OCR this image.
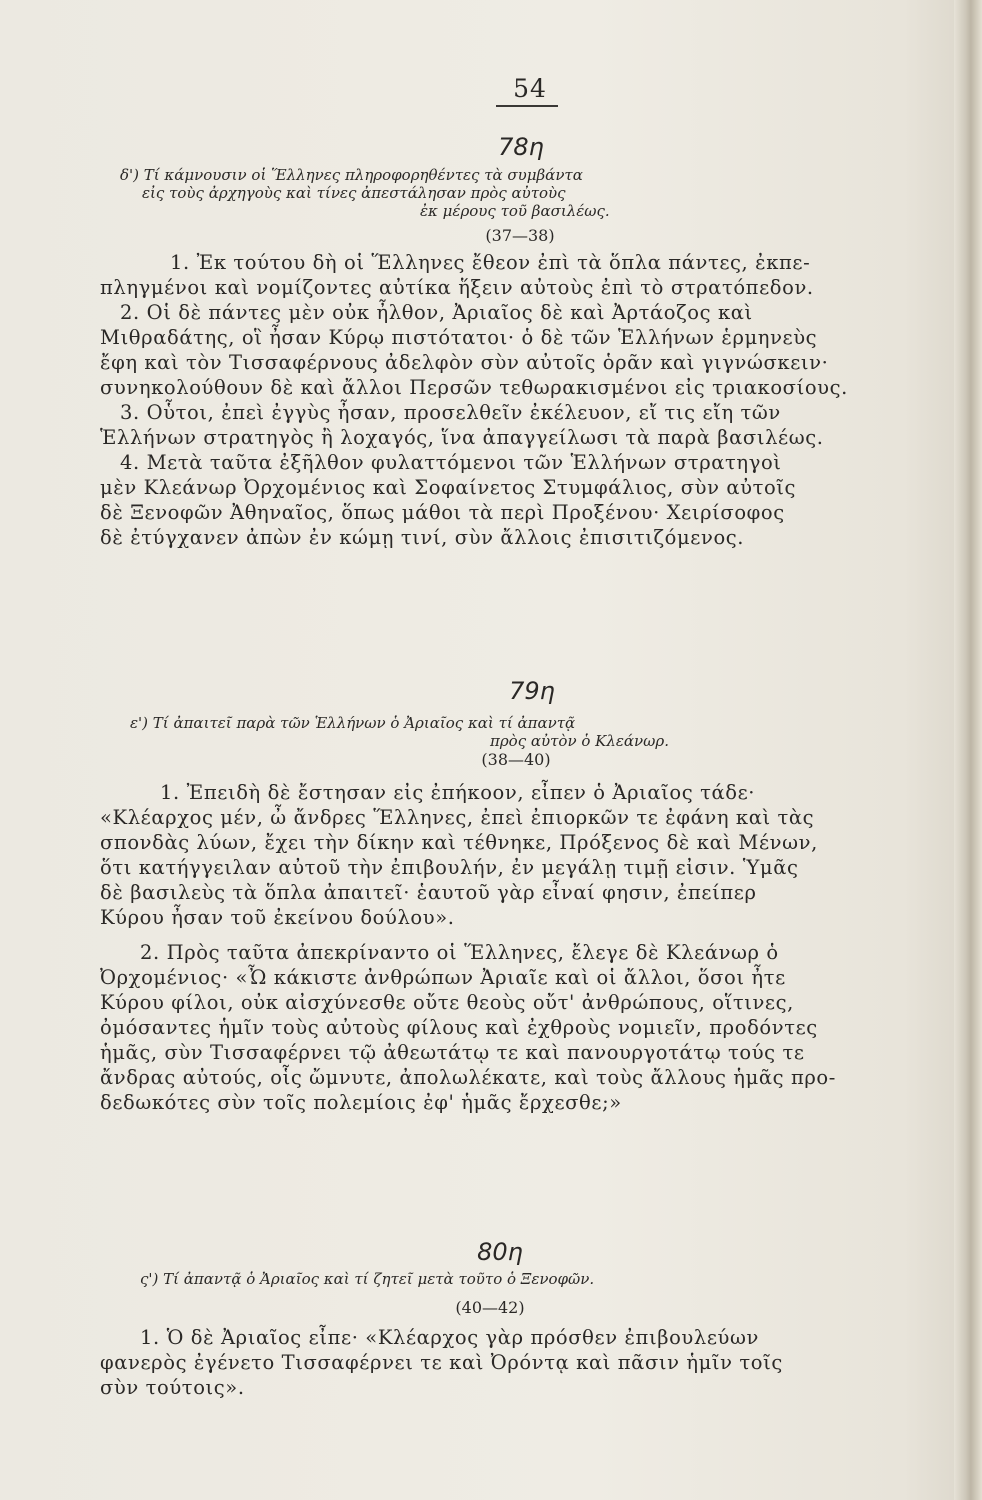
54
78η
δ') Τί κάμνουσιν οἱ Ἕλληνες πληροφορηθέντες τὰ συμβάντα
εἰς τοὺς ἀρχηγοὺς καὶ τίνες ἀπεστάλησαν πρὸς αὐτοὺς
ἐκ μέρους τοῦ βασιλέως.
(37—38)
1. Ἐκ τούτου δὴ οἱ Ἕλληνες ἔθεον ἐπὶ τὰ ὅπλα πάντες, ἐκπε-
πληγμένοι καὶ νομίζοντες αὐτίκα ἥξειν αὐτοὺς ἐπὶ τὸ στρατόπεδον.
2. Οἱ δὲ πάντες μὲν οὐκ ἦλθον, Ἀριαῖος δὲ καὶ Ἀρτάοζος καὶ
Μιθραδάτης, οἳ ἦσαν Κύρῳ πιστότατοι· ὁ δὲ τῶν Ἑλλήνων ἑρμηνεὺς
ἔφη καὶ τὸν Τισσαφέρνους ἀδελφὸν σὺν αὐτοῖς ὁρᾶν καὶ γιγνώσκειν·
συνηκολούθουν δὲ καὶ ἄλλοι Περσῶν τεθωρακισμένοι εἰς τριακοσίους.
3. Οὗτοι, ἐπεὶ ἐγγὺς ἦσαν, προσελθεῖν ἐκέλευον, εἴ τις εἴη τῶν
Ἑλλήνων στρατηγὸς ἢ λοχαγός, ἵνα ἀπαγγείλωσι τὰ παρὰ βασιλέως.
4. Μετὰ ταῦτα ἐξῆλθον φυλαττόμενοι τῶν Ἑλλήνων στρατηγοὶ
μὲν Κλεάνωρ Ὀρχομένιος καὶ Σοφαίνετος Στυμφάλιος, σὺν αὐτοῖς
δὲ Ξενοφῶν Ἀθηναῖος, ὅπως μάθοι τὰ περὶ Προξένου· Χειρίσοφος
δὲ ἐτύγχανεν ἀπὼν ἐν κώμῃ τινί, σὺν ἄλλοις ἐπισιτιζόμενος.
79η
ε') Τί ἀπαιτεῖ παρὰ τῶν Ἑλλήνων ὁ Ἀριαῖος καὶ τί ἀπαντᾷ
πρὸς αὐτὸν ὁ Κλεάνωρ.
(38—40)
1. Ἐπειδὴ δὲ ἔστησαν εἰς ἐπήκοον, εἶπεν ὁ Ἀριαῖος τάδε·
«Κλέαρχος μέν, ὦ ἄνδρες Ἕλληνες, ἐπεὶ ἐπιορκῶν τε ἐφάνη καὶ τὰς
σπονδὰς λύων, ἔχει τὴν δίκην καὶ τέθνηκε, Πρόξενος δὲ καὶ Μένων,
ὅτι κατήγγειλαν αὐτοῦ τὴν ἐπιβουλήν, ἐν μεγάλῃ τιμῇ εἰσιν. Ὑμᾶς
δὲ βασιλεὺς τὰ ὅπλα ἀπαιτεῖ· ἑαυτοῦ γὰρ εἶναί φησιν, ἐπείπερ
Κύρου ἦσαν τοῦ ἐκείνου δούλου».
2. Πρὸς ταῦτα ἀπεκρίναντο οἱ Ἕλληνες, ἔλεγε δὲ Κλεάνωρ ὁ
Ὀρχομένιος· «Ὦ κάκιστε ἀνθρώπων Ἀριαῖε καὶ οἱ ἄλλοι, ὅσοι ἦτε
Κύρου φίλοι, οὐκ αἰσχύνεσθε οὔτε θεοὺς οὔτ' ἀνθρώπους, οἵτινες,
ὀμόσαντες ἡμῖν τοὺς αὐτοὺς φίλους καὶ ἐχθροὺς νομιεῖν, προδόντες
ἡμᾶς, σὺν Τισσαφέρνει τῷ ἀθεωτάτῳ τε καὶ πανουργοτάτῳ τούς τε
ἄνδρας αὐτούς, οἷς ὤμνυτε, ἀπολωλέκατε, καὶ τοὺς ἄλλους ἡμᾶς προ-
δεδωκότες σὺν τοῖς πολεμίοις ἐφ' ἡμᾶς ἔρχεσθε;»
80η
ς') Τί ἀπαντᾷ ὁ Ἀριαῖος καὶ τί ζητεῖ μετὰ τοῦτο ὁ Ξενοφῶν.
(40—42)
1. Ὁ δὲ Ἀριαῖος εἶπε· «Κλέαρχος γὰρ πρόσθεν ἐπιβουλεύων
φανερὸς ἐγένετο Τισσαφέρνει τε καὶ Ὀρόντᾳ καὶ πᾶσιν ἡμῖν τοῖς
σὺν τούτοις».
